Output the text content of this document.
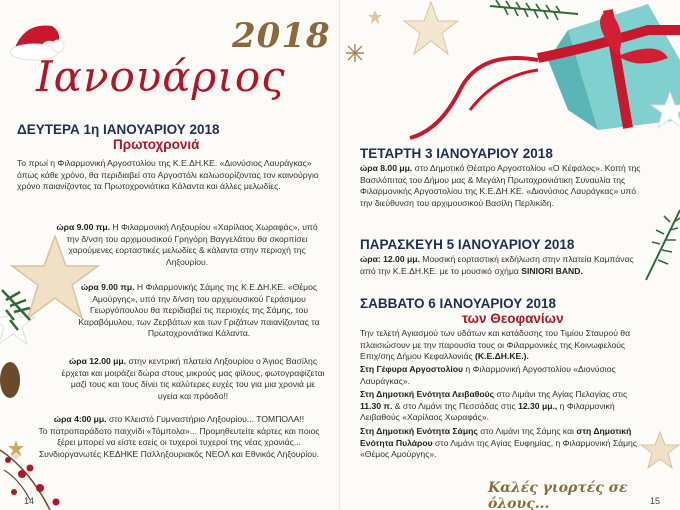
2018
Ιανουάριος
ΔΕΥΤΕΡΑ 1η ΙΑΝΟΥΑΡΙΟΥ 2018
Πρωτοχρονιά
Το πρωί η Φιλαρμονική Αργοστολίου της Κ.Ε.ΔΗ.ΚΕ. «Διονύσιος Λαυράγκας» όπως κάθε χρόνο, θα περιδιαβεί στο Αργοστόλι καλωσορίζοντας τον καινούργιο χρόνο παιανίζοντας τα Πρωτοχρονιάτικα Κάλαντα και άλλες μελωδίες.
ώρα 9.00 πμ. Η Φιλαρμονική Ληξουρίου «Χαρίλαος Χωραφάς», υπό την δ/νση του αρχιμουσικού Γρηγόρη Βαγγελάτου θα σκορπίσει χαρούμενες εορταστικές μελωδίες & κάλαντα στην περιοχή της Ληξουρίου.
ώρα 9.00 πμ. Η Φιλαρμονικής Σάμης της Κ.Ε.ΔΗ.ΚΕ. «Θέμος Αμούργης», υπό την δ/νση του αρχιμουσικού Γεράσιμου Γεωργόπουλου θα περιδιαβεί τις περιοχές της Σάμης, του Καραβόμυλου, των Ζερβάτων και των Γριζάτων παιανίζοντας τα Πρωτοχρονιάτικα Κάλαντα.
ώρα 12.00 μμ. στην κεντρική πλατεία Ληξουρίου ο Άγιος Βασίλης έρχεται και μοιράζει δώρα στους μικρούς μας φίλους, φωτογραφίζεται μαζί τους και τους δίνει τις καλύτερες ευχές του για μια χρονιά με υγεία και πρόοδο!!
ώρα 4:00 μμ. στο Κλειστό Γυμναστήριο Ληξουρίου... ΤΟΜΠΟΛΑ!!
Το πατροπαράδοτο παιχνίδι «Τόμπολα»... Προμηθευτείτε κάρτες και ποιος ξέρει μπορεί να είστε εσείς οι τυχεροί τυχεροί της νέας χρονιάς...
Συνδιοργανωτές ΚΕΔΗΚΕ Παλληξουριακός ΝΕΟΛ και Εθνικός Ληξουρίου.
14
ΤΕΤΑΡΤΗ 3 ΙΑΝΟΥΑΡΙΟΥ 2018
ώρα 8.00 μμ. στο Δημοτικό Θέατρο Αργοστολίου «Ο Κέφαλος». Κοπή της Βασιλόπιτας του Δήμου μας & Μεγάλη Πρωτοχρονιάτικη Συναυλία της Φιλαρμονικής Αργοστολίου της Κ.Ε.ΔΗ.ΚΕ. «Διονύσιος Λαυράγκας» υπό την διεύθυνση του αρχιμουσικού Βασίλη Περλικίδη.
ΠΑΡΑΣΚΕΥΗ 5 ΙΑΝΟΥΑΡΙΟΥ 2018
ώρα: 12.00 μμ. Μουσική εορταστική εκδήλωση στην πλατεία Καμπάνας από την Κ.Ε.ΔΗ.ΚΕ. με το μουσικό σχήμα SINIORI BAND.
ΣΑΒΒΑΤΟ 6 ΙΑΝΟΥΑΡΙΟΥ 2018
των Θεοφανίων
Την τελετή Αγιασμού των υδάτων και κατάδυσης του Τιμίου Σταυρού θα πλαισιώσουν με την παρουσία τους οι Φιλαρμονικές της Κοινωφελούς Επιχ/σης Δήμου Κεφαλλονιάς (Κ.Ε.ΔΗ.ΚΕ.).
Στη Γέφυρα Αργοστολίου η Φιλαρμονική Αργοστολίου «Διονύσιος Λαυράγκας».
Στη Δημοτική Ενότητα Λειβαθούς στο Λιμάνι της Αγίας Πελαγίας στις 11.30 π. & στο Λιμάνι της Πεσσάδας στις 12.30 μμ., η Φιλαρμονική Λειβαθούς «Χαρίλαος Χωραφάς».
Στη Δημοτική Ενότητα Σάμης στο Λιμάνι της Σάμης και στη Δημοτική Ενότητα Πυλάρου στο Λιμάνι της Αγίας Ευφημίας, η Φιλαρμονική Σάμης «Θέμος Αμούργης».
Καλές γιορτές σε όλους...	15
